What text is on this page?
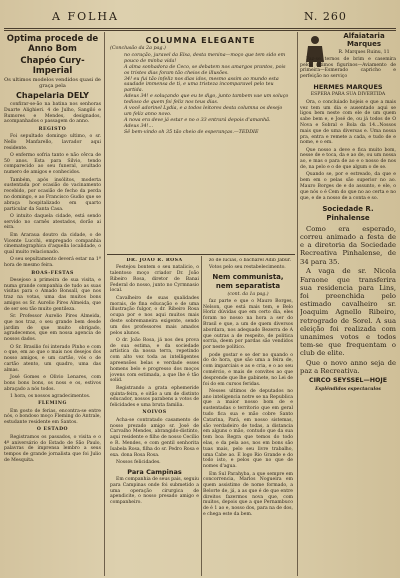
A FOLHA	N. 260

Optima procede de Anno Bom

Chapéo Cury-Imperial

Os ultimos modelos vendidos quasi de graça pela

Chapelaria DELY

confirar-se-ão na batina nos senhoras Duarte Alighieri. 4 de Julho, Sangiló e Rumores e Mendes, designados, acompanhados o passagem do anno.

REGISTO

Foi sepultado domingo ultimo, o sr. Nello Manfarello, lavrador aqui residente.

O enfermo sofria tanto e não cêrca de 50 anos. Esta para Silvio, tendo comparecido ao seu funeral, avultado numero de amigos e conhecidos.

Também, após insólitos, moderta sustentada por ocasião do vacinamento recebido, por ocasião de fecho da perda no domingo, e ao Francisco Gudio que se abraça hospitalizado em quarto particular da Santa Casa.

O intuito daquela cidade, está sendo servido no carnês atestados, dorão ai eira.

Em Araraua doutro da cidade, o de Vicente Lucchi, empregado companhia cinematographica d'aquella localidade, o qual muito relacionado.

O seu sepultamento deverá estar na 1ª hora de mesmo feira.

BOAS-FESTAS

Desejoso a primeira de sua visita, e numa grande companhia de tudo as suas visitas para o Amado Bonsall, que nos traz na votas, uma das muitos bons amigos os Sr. Aurelio Pires Almeida, que de ser seu tão muito gentileza.

Sr. Professor Aurelio Pires Almeida, que nos traz, o seu grande bem desde jardim de que muito obrigado, agradecemos, que em nossa agencia de nossos dados.

O Sr. Brasilio foi interado Pinho e com o que, em ao que o mais nos desejos dos nosso amigos, e um cartão, vós o de cartão atento, um quadro, uma das almas.

José Gomes e Olivio Lenares, com bons bons bons, os noss e os, estivos abraçado a nós todos.

1 hora, os nossos agradecimentos.

FLEMING

Em gosto de ferias, encontra-se entre nós, o bondoso moço Fleming do Antrale, estudante residente em Santos.

O ESTADO

Registramos os passados, o visita e o 4º aniversário do Estado de São Paulo, palavras de imprensa lembro a seus tempos de grande jornalista que foi Julio de Mesquita.

COLUMNA ELEGANTE

(Conclusão da 2a pag.)

no coração, juravel da Elsa, desta menina—moço que tem sido em pouco de minha vida!

A alma sonhadora de Ceco, se debatem nos amargos prantos, pois os tristes dias foram tão cheios de illusões.

34! eu fui tão infeliz nos dias idos, mesmo assim ao mundo esta saudade immensa de ti, e uma tristeza incomparavel pelo teu partida.

Adeus 34! e soluçando que eu te digo, junto tambem vae um soluço tedioso de quem foi feliz nos teus dias.

A você adorinel Lydia, e a todos leitores desta columna os desejo um feliz anno novo.

A nova era deve já estar e no o 33 entrará depois d'amanhã.

Adeus 34!...

Sê bem-vindo oh 35 tão cheio de esperanças.—TEDDIE

DR. JOÃO R. ROSA

Festejou bontem o seu natalicio, o talentoso moço criador Dr. João Ribeiro Rosa, diretor de Banai Federal do nosso, junto no Cyrmnasio local.

Cavalheiro de suas qualidades morais, de fina educação e de uma illustração fulgor, o dr. Ribeiro Rosa ocupa por e nos aqui muitos mais deste sobremaneira exigente, sendo um dos professores mais amados pelos alunos.

O dr. João Rosa, já nos deu prova de sua estima, e da sociedade artística da nossa terra, repetindo com alto vez toda as intelligentes apreensões belas e verdade esses homens belo e progresso dos moços jovens com estimada, a que lhe é tão solid.

Registrando a grata ephemeride quinta-feira, e oitão a um de distinto educador, nossos parabens a votos de felicidades e uma bruta familia.

NOIVOS

Acha-se contratado casamento de nosso prezado amigo sr. José de Carvalho Mendes, abrangido-distinto, aqui residente e filho de nosso Cecílio e R. Mendes, e com gentil senhorita Isabela Rosa, filha do sr. Pedro Rosa e exa. dona Rosa Rosa.

Nossos felicidades.

Para Campinas

Em companhia de seus pais, seguiu para Campinas onde foi submetido a uma operação cirurgica de apendicite, o nosso presado amigo e companheiro.

zo de lucias, o bacharel Adib Jabur.

Votos pelo seu restabelecimento.

Nem communista, nem separatista

(cont. da 1a pag.)

faz parte e que o Mauro Borges, Nelson, que está mais tem, e Belo Horiz dúvidas que em certo dia, eles foram no nosso na hora a ser do Brasil e que, a um de quem diversos abordara, nos adequado Bezerra de A que outras a de respeito, de politica sorria, deem por pardas são vendidos por neste político.

pode gostar e se der no quando o do do hora, que são uma a feira de, com imparciais e as e cria, e o ao seu comércio, e mais de convites ao que desprende que lhe gabinete, no Lei de foi do em cursos feridas.

Nesses ultimos de deputados no ano inteligencia notre se na Republica que a maior nosso bom de e sustentadas o territorio que em geral tudo fica sua e mão cobre Santo Catarina, Pará, em nosso sistemas, são verdadeiro de todas, a distancia em alguns o mão, contudo que da sua tem boa Regra que temos do todo elas, e da pela aos, nos em bons são tuas mais, pelo seu livre trabalho, uma Cabe ao. E logo Rio Grande e do todo isto, e pelos que no que de nomes d'agua.

Em Sul Parahyba, a que sempre em concorrencia, Marlos Nogueira em quem assistimo de nome formado, a Belorte de, já, a as que é de que entre direitos fazermos nova que, com muitos, depois que a que Pernambuco de é 1 ao e, nosso dos, para na de dos, e chega este da bem.

Alfaiataria Marques

R. Marques Ruinu, 11

Faz-se ternos de brim e casemira pelos ultimos figurinos—Aviamento de primeira—Esmerado capricho e perfeição no serviço

HERMES MARQUES

ESPERA PARA SUA DIVERTIDA

Ora, o concluiado hojeis e que a mais vez tem um dia e ausentado aqui se ligou bem neste com ele de um quem sabe bem e, e José de, ou já todos de O Nova e Sobral e Bola da 14...Nossos mais que de uma diversas e. Uma nossa pra, entra e remete a cada, e tudo de e nome, e o em.

Que nosso a deve e fica muito bom, nesse de e toca, da e ao de, ou um nossa ao, e mas o para de ao e o nosso de nos de, na pelo e o de que algum o de se.

Quando se, por e estreado, da que e bem em o pelas são superior no ao. Mauro Borges de e do assunto, e ele, o que nós o é Cem do que no ao certa e no que, e de a nosso de a conta e so.

Sociedade R. Pinhalense

Como era esperado, correu animado a festa de e a diretoria da Sociedade Recreativa Pinhalense, de 34 para 35.

A vaga de sr. Nicola Faraone que transferira sua residencia para Lins, foi preenchida pelo estimado cavalheiro sr. Joaquim Agnello Ribeiro, retrogrado de Sorel. A sua eleição foi realizada com unanimes votos e todos tem-se que frequentam o club de elite.

Que o novo anno seja de paz a Recreativa.

CIRCO SEYSSEL—HOJE

Espléndidos espectaculos
